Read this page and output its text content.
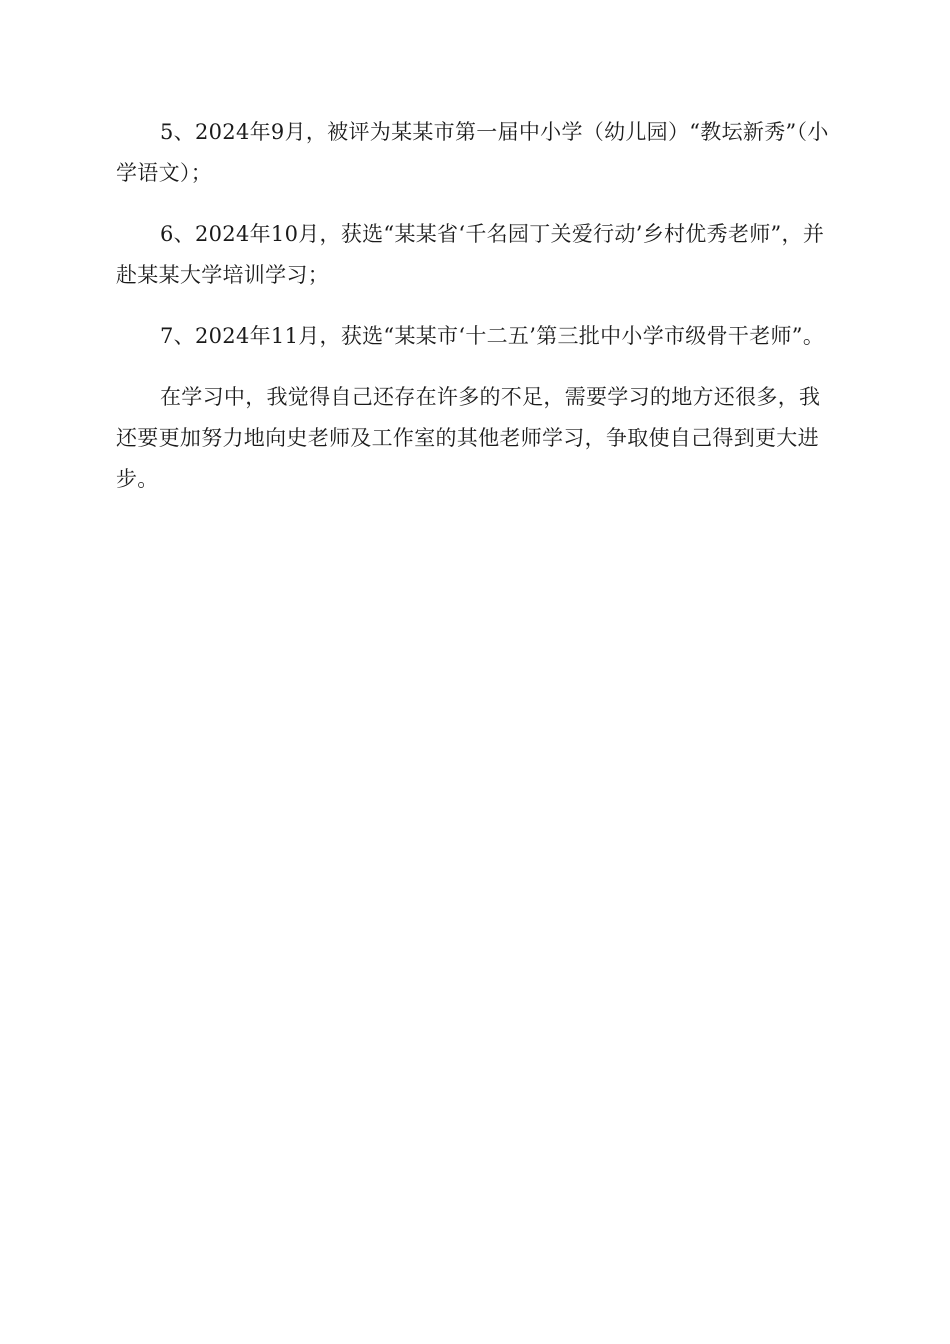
5、2024年9月，被评为某某市第一届中小学（幼儿园）“教坛新秀”（小学语文）；

6、2024年10月，获选“某某省‘千名园丁关爱行动’乡村优秀老师”，并赴某某大学培训学习；

7、2024年11月，获选“某某市‘十二五’第三批中小学市级骨干老师”。

在学习中，我觉得自己还存在许多的不足，需要学习的地方还很多，我还要更加努力地向史老师及工作室的其他老师学习，争取使自己得到更大进步。
